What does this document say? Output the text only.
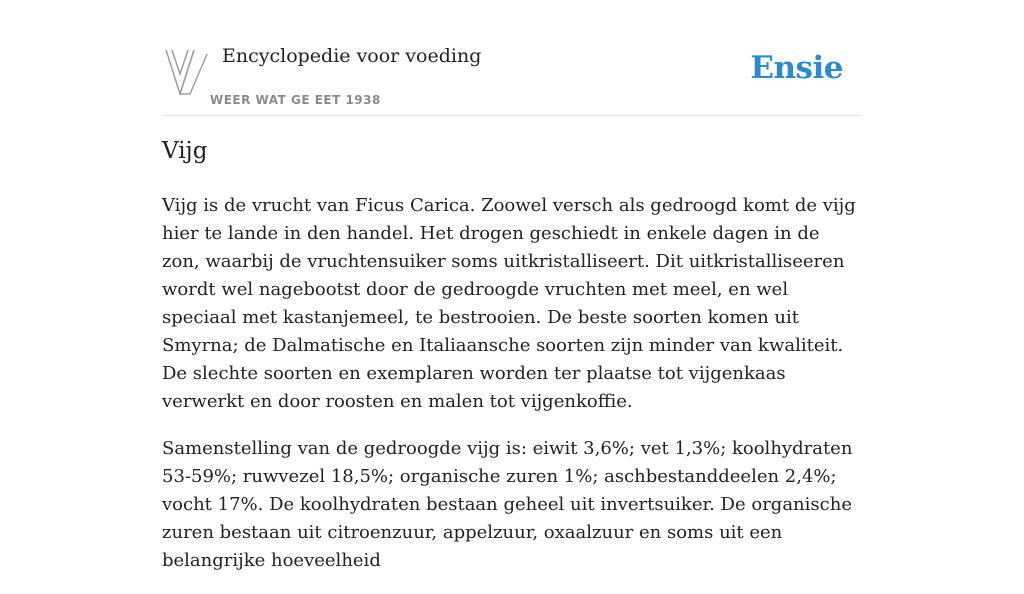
Encyclopedie voor voeding
WEER WAT GE EET 1938
Ensie
Vijg

Vijg is de vrucht van Ficus Carica. Zoowel versch als gedroogd komt de vijg hier te lande in den handel. Het drogen geschiedt in enkele dagen in de zon, waarbij de vruchtensuiker soms uitkristalliseert. Dit uitkristalliseeren wordt wel nagebootst door de gedroogde vruchten met meel, en wel speciaal met kastanjemeel, te bestrooien. De beste soorten komen uit Smyrna; de Dalmatische en Italiaansche soorten zijn minder van kwaliteit. De slechte soorten en exemplaren worden ter plaatse tot vijgenkaas verwerkt en door roosten en malen tot vijgenkoffie.

Samenstelling van de gedroogde vijg is: eiwit 3,6%; vet 1,3%; koolhydraten 53-59%; ruwvezel 18,5%; organische zuren 1%; aschbestanddeelen 2,4%; vocht 17%. De koolhydraten bestaan geheel uit invertsuiker. De organische zuren bestaan uit citroenzuur, appelzuur, oxaalzuur en soms uit een belangrijke hoeveelheid
